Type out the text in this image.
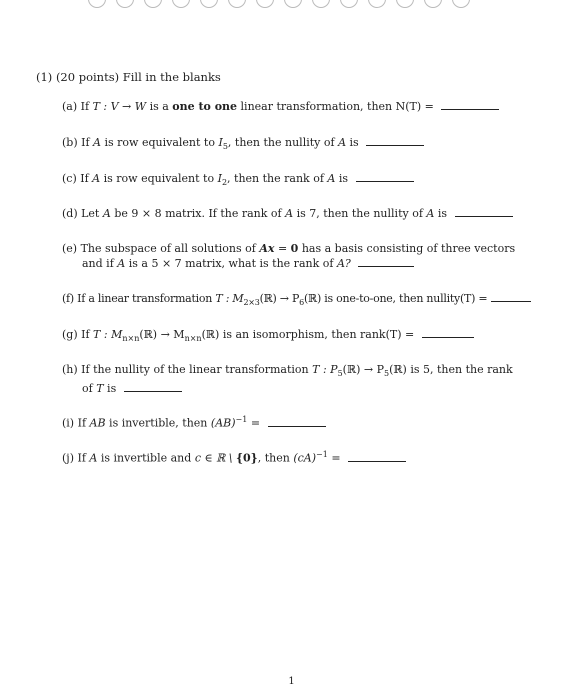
(1) (20 points) Fill in the blanks
(a) If T : V → W is a one to one linear transformation, then N(T) =
(b) If A is row equivalent to $I_5$, then the nullity of A is
(c) If A is row equivalent to $I_2$, then the rank of A is
(d) Let A be 9 × 8 matrix. If the rank of A is 7, then the nullity of A is
(e) The subspace of all solutions of Ax = 0 has a basis consisting of three vectors
and if A is a 5 × 7 matrix, what is the rank of A?
(f) If a linear transformation T : $M_{2\times 3}(ℝ)$ → $P_6(ℝ)$ is one-to-one, then nullity(T) =
(g) If T : $M_{n\times n}(ℝ)$ → $M_{n\times n}(ℝ)$ is an isomorphism, then rank(T) =
(h) If the nullity of the linear transformation T : $P_5(ℝ)$ → $P_5(ℝ)$ is 5, then the rank
of T is
(i) If AB is invertible, then (AB)$^{-1}$ =
(j) If A is invertible and c ∈ ℝ \ {0}, then (cA)$^{-1}$ =
1
